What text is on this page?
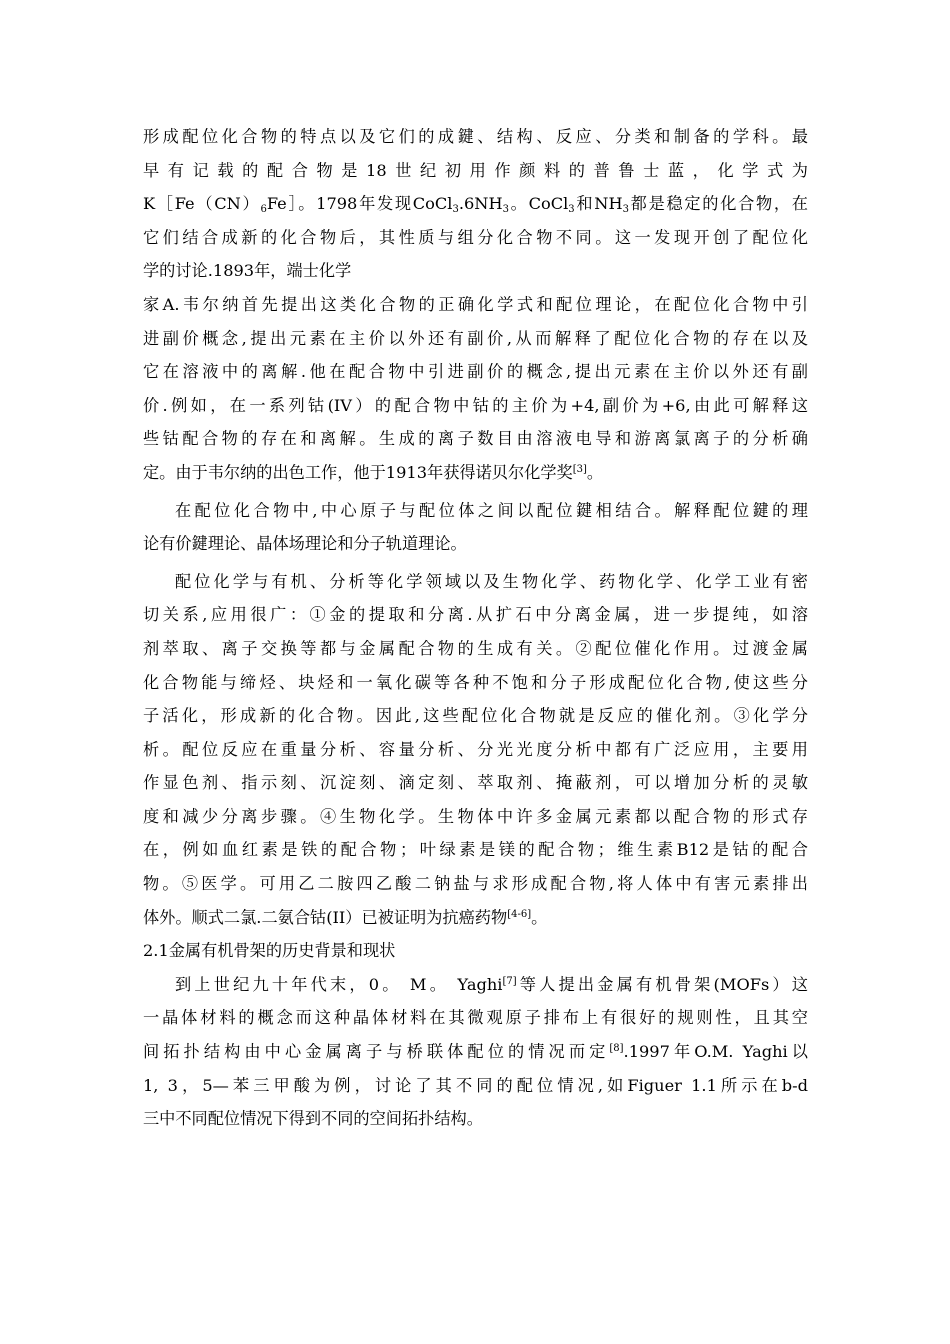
形成配位化合物的特点以及它们的成鍵、结构、反应、分类和制备的学科。最
早有记载的配合物是18世纪初用作颜料的普鲁士蓝，化学式为
$K[Fe(CN)_6Fe]$。1798年发现$CoCl_3.6NH_3$。CoCl$_3$和$NH_3$都是稳定的化合物，在
它们结合成新的化合物后，其性质与组分化合物不同。这一发现开创了配位化
学的讨论.1893年，端士化学
家A.韦尔纳首先提出这类化合物的正确化学式和配位理论，在配位化合物中引
进副价概念,提出元素在主价以外还有副价,从而解释了配位化合物的存在以及
它在溶液中的离解.他在配合物中引进副价的概念,提出元素在主价以外还有副
价.例如，在一系列钴(IV）的配合物中钴的主价为+4,副价为+6,由此可解释这
些钴配合物的存在和离解。生成的离子数目由溶液电导和游离氯离子的分析确
定。由于韦尔纳的出色工作，他于1913年获得诺贝尔化学奖[3]。
在配位化合物中,中心原子与配位体之间以配位鍵相结合。解释配位鍵的理
论有价鍵理论、晶体场理论和分子轨道理论。
配位化学与有机、分析等化学领域以及生物化学、药物化学、化学工业有密
切关系,应用很广：①金的提取和分离.从扩石中分离金属，进一步提纯，如溶
剂萃取、离子交换等都与金属配合物的生成有关。②配位催化作用。过渡金属
化合物能与缔烃、块烃和一氧化碳等各种不饱和分子形成配位化合物,使这些分
子活化，形成新的化合物。因此,这些配位化合物就是反应的催化剂。③化学分
析。配位反应在重量分析、容量分析、分光光度分析中都有广泛应用，主要用
作显色剂、指示刻、沉淀刻、滴定刻、萃取剂、掩蔽剂，可以增加分析的灵敏
度和减少分离步骤。④生物化学。生物体中许多金属元素都以配合物的形式存
在，例如血红素是铁的配合物；叶绿素是镁的配合物；维生素B12是钴的配合
物。⑤医学。可用乙二胺四乙酸二钠盐与求形成配合物,将人体中有害元素排出
体外。顺式二氯.二氨合钴(II）已被证明为抗癌药物[4-6]。
2.1金属有机骨架的历史背景和现状
到上世纪九十年代末，0。 M。 Yaghi[7]等人提出金属有机骨架(MOFs）这
一晶体材料的概念而这种晶体材料在其微观原子排布上有很好的规则性，且其空
间拓扑结构由中心金属离子与桥联体配位的情况而定[8].1997年O.M. Yaghi以
1, 3，5—苯三甲酸为例，讨论了其不同的配位情况,如Figuer 1.1所示在b-d
三中不同配位情况下得到不同的空间拓扑结构。
